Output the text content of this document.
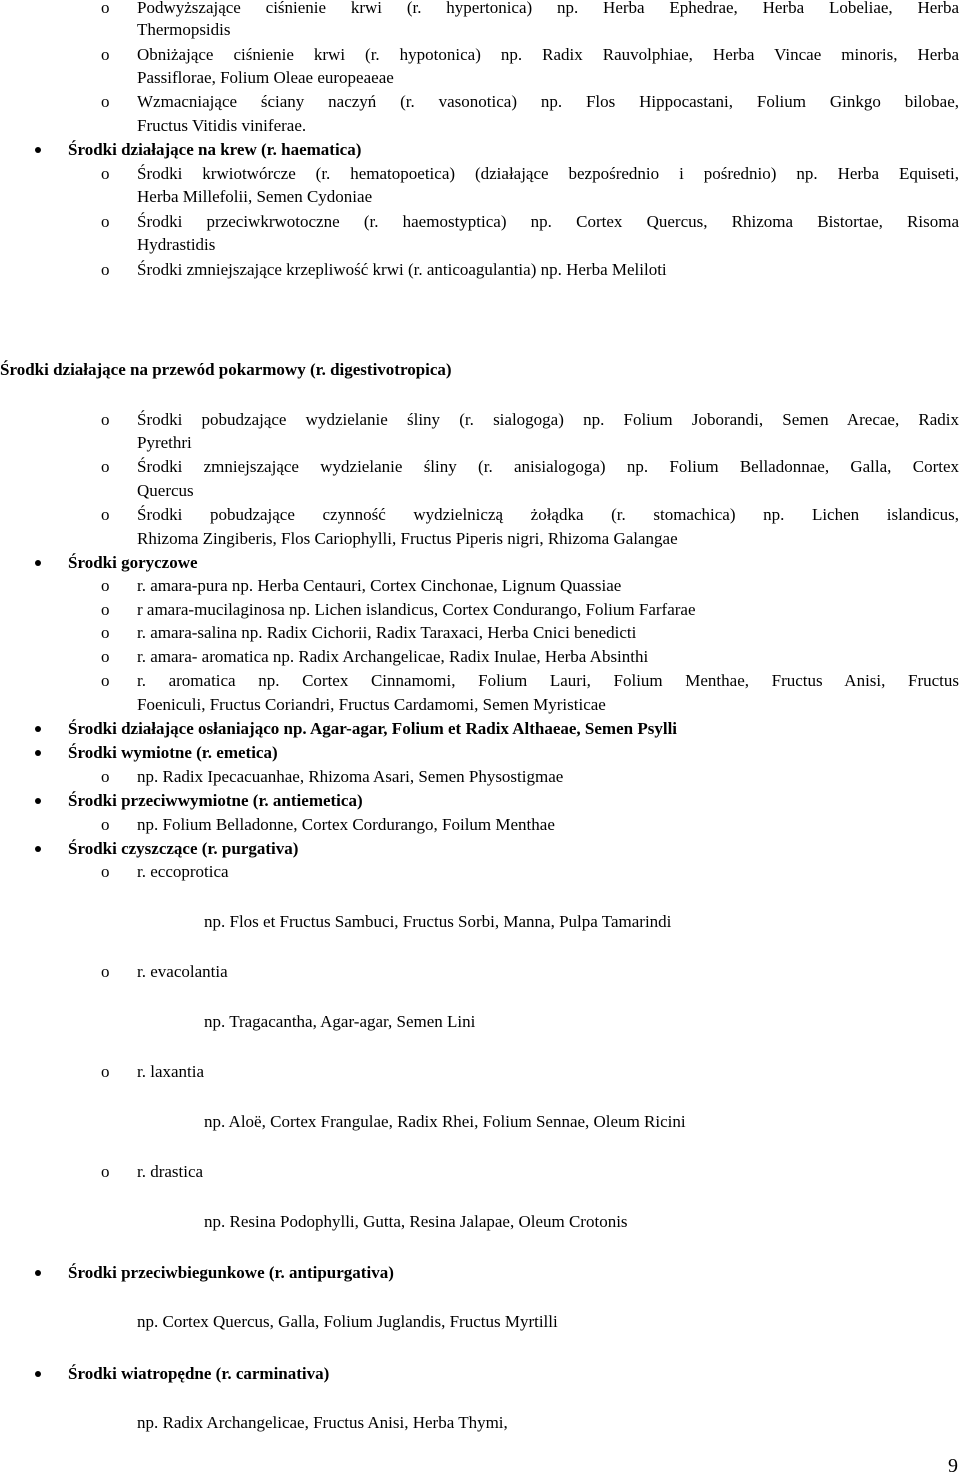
o Podwyższające ciśnienie krwi (r. hypertonica) np. Herba Ephedrae, Herba Lobeliae, Herba
Thermopsidis
o Obniżające ciśnienie krwi (r. hypotonica) np. Radix Rauvolphiae, Herba Vincae minoris, Herba
Passiflorae, Folium Oleae europeaeae
o Wzmacniające ściany naczyń (r. vasonotica) np. Flos Hippocastani, Folium Ginkgo bilobae,
Fructus Vitidis viniferae.
Środki działające na krew (r. haematica)
o Środki krwiotwórcze (r. hematopoetica) (działające bezpośrednio i pośrednio) np. Herba Equiseti,
Herba Millefolii, Semen Cydoniae
o Środki przeciwkrwotoczne (r. haemostyptica) np. Cortex Quercus, Rhizoma Bistortae, Risoma
Hydrastidis
o Środki zmniejszające krzepliwość krwi (r. anticoagulantia) np. Herba Meliloti
Środki działające na przewód pokarmowy (r. digestivotropica)
o Środki pobudzające wydzielanie śliny (r. sialogoga) np. Folium Joborandi, Semen Arecae, Radix
Pyrethri
o Środki zmniejszające wydzielanie śliny (r. anisialogoga) np. Folium Belladonnae, Galla, Cortex
Quercus
o Środki pobudzające czynność wydzielniczą żołądka (r. stomachica) np. Lichen islandicus,
Rhizoma Zingiberis, Flos Cariophylli, Fructus Piperis nigri, Rhizoma Galangae
Środki goryczowe
o r. amara-pura np. Herba Centauri, Cortex Cinchonae, Lignum Quassiae
o r amara-mucilaginosa np. Lichen islandicus, Cortex Condurango, Folium Farfarae
o r. amara-salina np. Radix Cichorii, Radix Taraxaci, Herba Cnici benedicti
o r. amara- aromatica np. Radix Archangelicae, Radix Inulae, Herba Absinthi
o r. aromatica np. Cortex Cinnamomi, Folium Lauri, Folium Menthae, Fructus Anisi, Fructus
Foeniculi, Fructus Coriandri, Fructus Cardamomi, Semen Myristicae
Środki działające osłaniająco np. Agar-agar, Folium et Radix Althaeae, Semen Psylli
Środki wymiotne (r. emetica)
o np. Radix Ipecacuanhae, Rhizoma Asari, Semen Physostigmae
Środki przeciwwymiotne (r. antiemetica)
o np. Folium Belladonne, Cortex Cordurango, Foilum Menthae
Środki czyszczące (r. purgativa)
o r. eccoprotica
np. Flos et Fructus Sambuci, Fructus Sorbi, Manna, Pulpa Tamarindi
o r. evacolantia
np. Tragacantha, Agar-agar, Semen Lini
o r. laxantia
np. Aloë, Cortex Frangulae, Radix Rhei, Folium Sennae, Oleum Ricini
o r. drastica
np. Resina Podophylli, Gutta, Resina Jalapae, Oleum Crotonis
Środki przeciwbiegunkowe (r. antipurgativa)
np. Cortex Quercus, Galla, Folium Juglandis, Fructus Myrtilli
Środki wiatropędne (r. carminativa)
np. Radix Archangelicae, Fructus Anisi, Herba Thymi,
9
